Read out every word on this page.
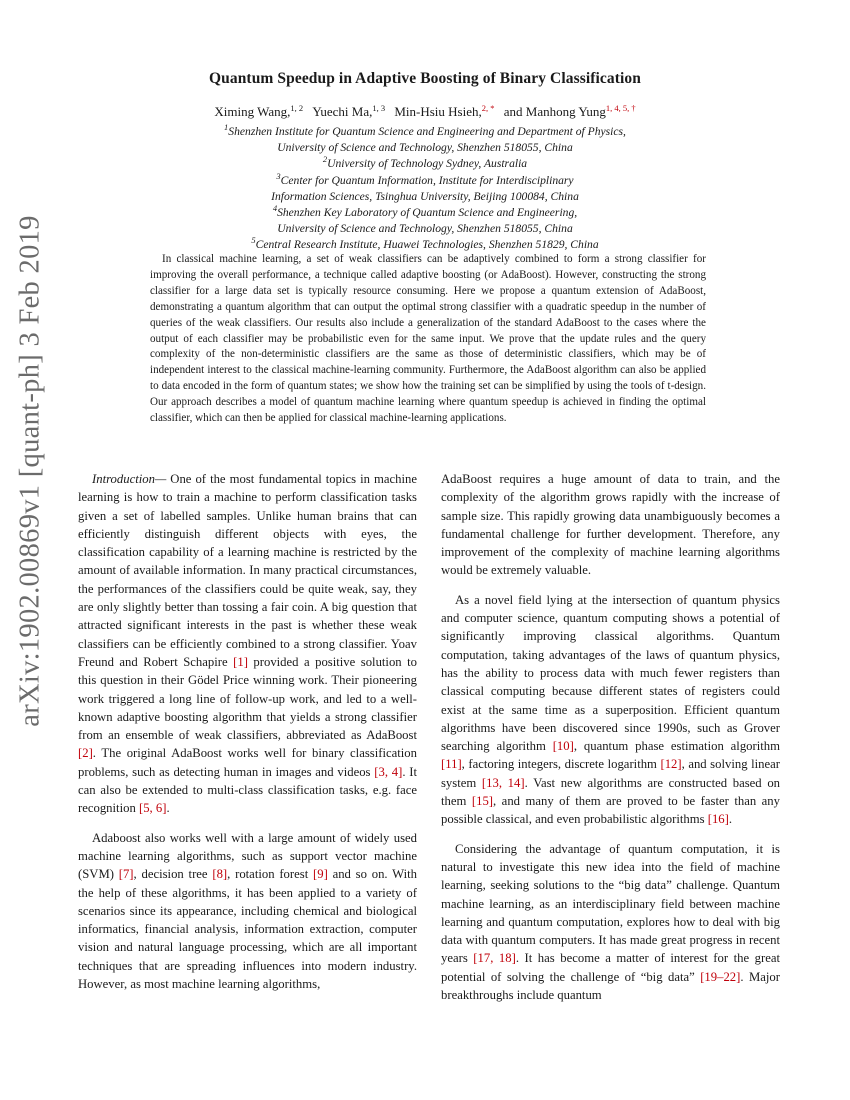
arXiv:1902.00869v1 [quant-ph] 3 Feb 2019
Quantum Speedup in Adaptive Boosting of Binary Classification
Ximing Wang,$^{1, 2}$ Yuechi Ma,$^{1, 3}$ Min-Hsiu Hsieh,$^{2, *}$ and Manhong Yung$^{1, 4, 5, \dagger}$
$^1$Shenzhen Institute for Quantum Science and Engineering and Department of Physics,
University of Science and Technology, Shenzhen 518055, China
$^2$University of Technology Sydney, Australia
$^3$Center for Quantum Information, Institute for Interdisciplinary
Information Sciences, Tsinghua University, Beijing 100084, China
$^4$Shenzhen Key Laboratory of Quantum Science and Engineering,
University of Science and Technology, Shenzhen 518055, China
$^5$Central Research Institute, Huawei Technologies, Shenzhen 51829, China
In classical machine learning, a set of weak classifiers can be adaptively combined to form a strong classifier for improving the overall performance, a technique called adaptive boosting (or AdaBoost). However, constructing the strong classifier for a large data set is typically resource consuming. Here we propose a quantum extension of AdaBoost, demonstrating a quantum algorithm that can output the optimal strong classifier with a quadratic speedup in the number of queries of the weak classifiers. Our results also include a generalization of the standard AdaBoost to the cases where the output of each classifier may be probabilistic even for the same input. We prove that the update rules and the query complexity of the non-deterministic classifiers are the same as those of deterministic classifiers, which may be of independent interest to the classical machine-learning community. Furthermore, the AdaBoost algorithm can also be applied to data encoded in the form of quantum states; we show how the training set can be simplified by using the tools of t-design. Our approach describes a model of quantum machine learning where quantum speedup is achieved in finding the optimal classifier, which can then be applied for classical machine-learning applications.

Introduction— One of the most fundamental topics in machine learning is how to train a machine to perform classification tasks given a set of labelled samples. Unlike human brains that can efficiently distinguish different objects with eyes, the classification capability of a learning machine is restricted by the amount of available information. In many practical circumstances, the performances of the classifiers could be quite weak, say, they are only slightly better than tossing a fair coin. A big question that attracted significant interests in the past is whether these weak classifiers can be efficiently combined to a strong classifier. Yoav Freund and Robert Schapire [1] provided a positive solution to this question in their Gödel Price winning work. Their pioneering work triggered a long line of follow-up work, and led to a well-known adaptive boosting algorithm that yields a strong classifier from an ensemble of weak classifiers, abbreviated as AdaBoost [2]. The original AdaBoost works well for binary classification problems, such as detecting human in images and videos [3, 4]. It can also be extended to multi-class classification tasks, e.g. face recognition [5, 6].

Adaboost also works well with a large amount of widely used machine learning algorithms, such as support vector machine (SVM) [7], decision tree [8], rotation forest [9] and so on. With the help of these algorithms, it has been applied to a variety of scenarios since its appearance, including chemical and biological informatics, financial analysis, information extraction, computer vision and natural language processing, which are all important techniques that are spreading influences into modern industry. However, as most machine learning algorithms,

AdaBoost requires a huge amount of data to train, and the complexity of the algorithm grows rapidly with the increase of sample size. This rapidly growing data unambiguously becomes a fundamental challenge for further development. Therefore, any improvement of the complexity of machine learning algorithms would be extremely valuable.

As a novel field lying at the intersection of quantum physics and computer science, quantum computing shows a potential of significantly improving classical algorithms. Quantum computation, taking advantages of the laws of quantum physics, has the ability to process data with much fewer registers than classical computing because different states of registers could exist at the same time as a superposition. Efficient quantum algorithms have been discovered since 1990s, such as Grover searching algorithm [10], quantum phase estimation algorithm [11], factoring integers, discrete logarithm [12], and solving linear system [13, 14]. Vast new algorithms are constructed based on them [15], and many of them are proved to be faster than any possible classical, and even probabilistic algorithms [16].

Considering the advantage of quantum computation, it is natural to investigate this new idea into the field of machine learning, seeking solutions to the “big data” challenge. Quantum machine learning, as an interdisciplinary field between machine learning and quantum computation, explores how to deal with big data with quantum computers. It has made great progress in recent years [17, 18]. It has become a matter of interest for the great potential of solving the challenge of “big data” [19–22]. Major breakthroughs include quantum
